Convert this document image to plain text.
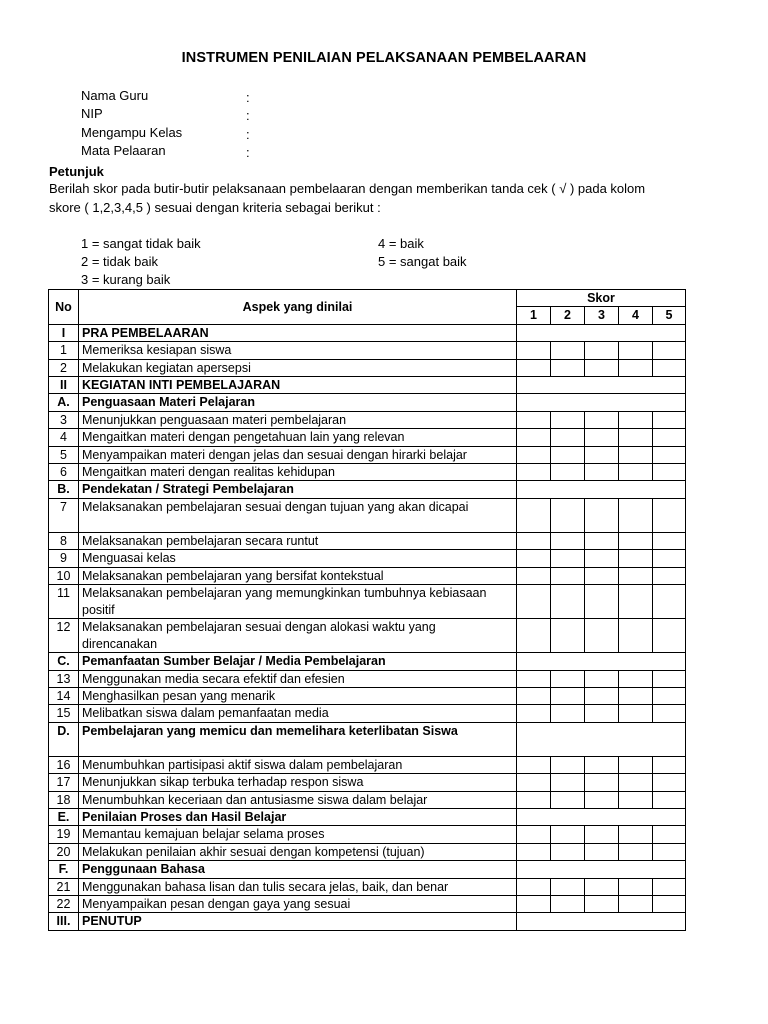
INSTRUMEN PENILAIAN PELAKSANAAN PEMBELAARAN
Nama Guru	:
NIP	:
Mengampu Kelas	:
Mata Pelaaran	:
Petunjuk
Berilah skor pada butir-butir pelaksanaan pembelaaran dengan memberikan tanda cek ( √ ) pada kolom
skore ( 1,2,3,4,5 ) sesuai dengan kriteria sebagai berikut :
1 = sangat tidak baik
2 = tidak baik
3 = kurang baik
4 = baik
5 = sangat baik
No	Aspek yang dinilai	Skor				
		1	2	3	4	5
I	PRA PEMBELAARAN					
1	Memeriksa kesiapan siswa					
2	Melakukan kegiatan apersepsi					
II	KEGIATAN INTI PEMBELAJARAN					
A.	Penguasaan Materi Pelajaran					
3	Menunjukkan penguasaan materi pembelajaran					
4	Mengaitkan materi dengan pengetahuan lain yang relevan					
5	Menyampaikan materi dengan jelas dan sesuai dengan hirarki belajar					
6	Mengaitkan materi dengan realitas kehidupan					
B.	Pendekatan / Strategi Pembelajaran					
7	Melaksanakan pembelajaran sesuai dengan tujuan yang akan dicapai					
8	Melaksanakan pembelajaran secara runtut					
9	Menguasai kelas					
10	Melaksanakan pembelajaran yang bersifat kontekstual					
11	Melaksanakan pembelajaran yang memungkinkan tumbuhnya kebiasaan positif					
12	Melaksanakan pembelajaran sesuai dengan alokasi waktu yang direncanakan					
C.	Pemanfaatan Sumber Belajar / Media Pembelajaran					
13	Menggunakan media secara efektif dan efesien					
14	Menghasilkan pesan yang menarik					
15	Melibatkan siswa dalam pemanfaatan media					
D.	Pembelajaran yang memicu dan memelihara keterlibatan Siswa					
16	Menumbuhkan partisipasi aktif siswa dalam pembelajaran					
17	Menunjukkan sikap terbuka terhadap respon siswa					
18	Menumbuhkan keceriaan dan antusiasme siswa dalam belajar					
E.	Penilaian Proses dan Hasil Belajar					
19	Memantau kemajuan belajar selama proses					
20	Melakukan penilaian akhir sesuai dengan kompetensi (tujuan)					
F.	Penggunaan Bahasa					
21	Menggunakan bahasa lisan dan tulis secara jelas, baik, dan benar					
22	Menyampaikan pesan dengan gaya yang sesuai					
III.	PENUTUP					
